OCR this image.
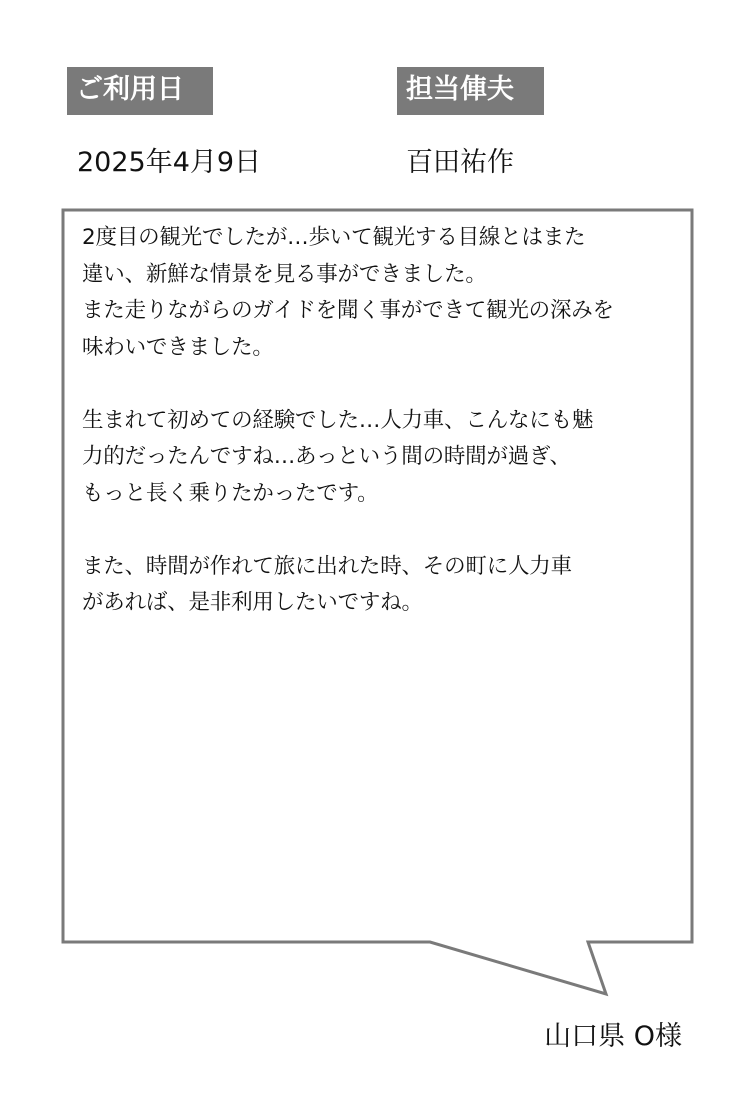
ご利用日	担当俥夫
2025年4月9日	百田祐作

2度目の観光でしたが…歩いて観光する目線とはまた
違い、新鮮な情景を見る事ができました。
また走りながらのガイドを聞く事ができて観光の深みを
味わいできました。

生まれて初めての経験でした…人力車、こんなにも魅
力的だったんですね…あっという間の時間が過ぎ、
もっと長く乗りたかったです。

また、時間が作れて旅に出れた時、その町に人力車
があれば、是非利用したいですね。

山口県 O様
